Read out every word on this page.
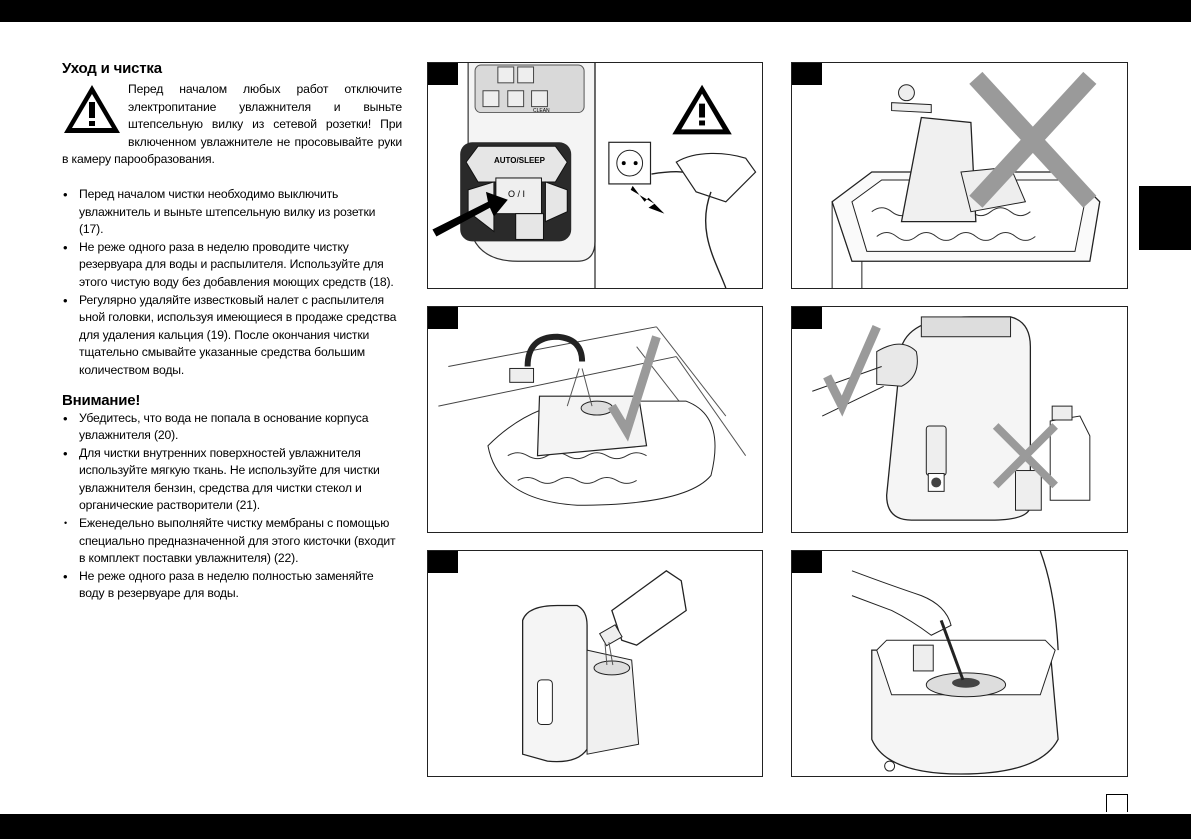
Уход и чистка
Перед началом любых работ отключите электропитание увлажнителя и выньте штепсельную вилку из сетевой розетки! При включенном увлажнителе не просовывайте руки в камеру парообразования.
• Перед началом чистки необходимо выключить увлажнитель и выньте штепсельную вилку из розетки (17).
• Не реже одного раза в неделю проводите чистку резервуара для воды и распылителя. Используйте для этого чистую воду без добавления моющих средств (18).
• Регулярно удаляйте известковый налет с распылителя ьной головки, используя имеющиеся в продаже средства для удаления кальция (19). После окончания чистки тщательно смывайте указанные средства большим количеством воды.
Внимание!
• Убедитесь, что вода не попала в основание корпуса увлажнителя (20).
• Для чистки внутренних поверхностей увлажнителя используйте мягкую ткань. Не используйте для чистки увлажнителя бензин, средства для чистки стекол и органические растворители (21).
• Еженедельно выполняйте чистку мембраны с помощью специально предназначенной для этого кисточки (входит в комплект поставки увлажнителя) (22).
• Не реже одного раза в неделю полностью заменяйте воду в резервуаре для воды.
AUTO/SLEEP
O / I
CLEAN
